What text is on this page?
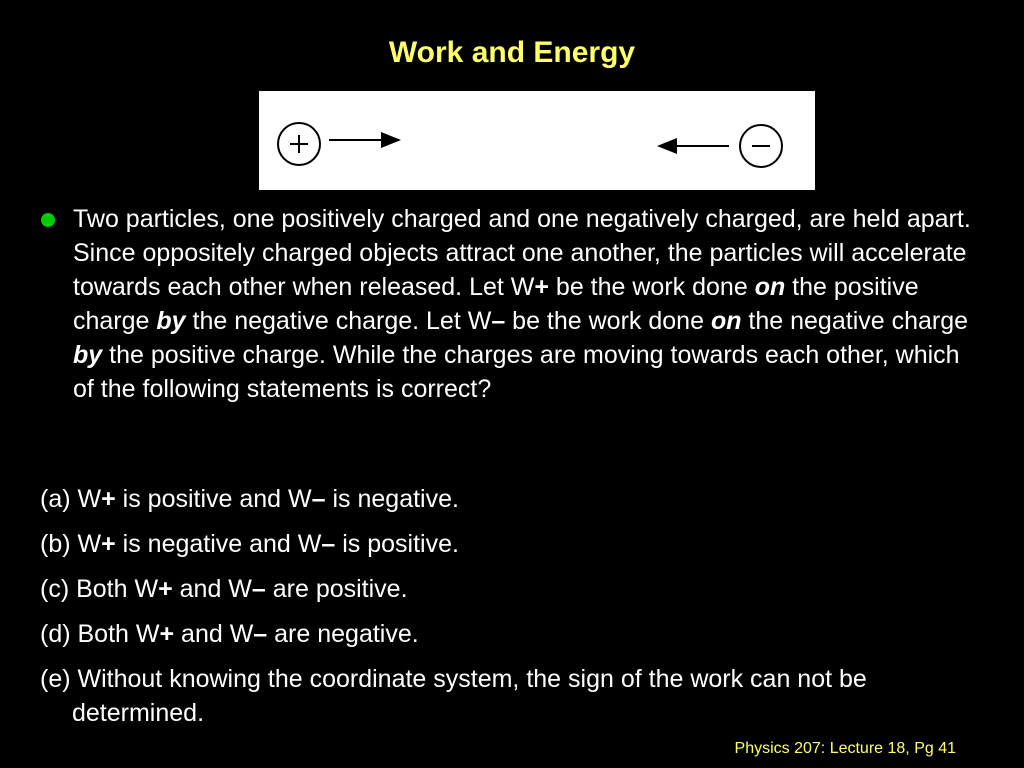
Work and Energy
Two particles, one positively charged and one negatively charged, are held apart. Since oppositely charged objects attract one another, the particles will accelerate towards each other when released. Let W+ be the work done on the positive charge by the negative charge. Let W– be the work done on the negative charge by the positive charge. While the charges are moving towards each other, which of the following statements is correct?
(a) W+ is positive and W– is negative.
(b) W+ is negative and W– is positive.
(c) Both W+ and W– are positive.
(d) Both W+ and W– are negative.
(e) Without knowing the coordinate system, the sign of the work can not be determined.
Physics 207: Lecture 18, Pg 41
